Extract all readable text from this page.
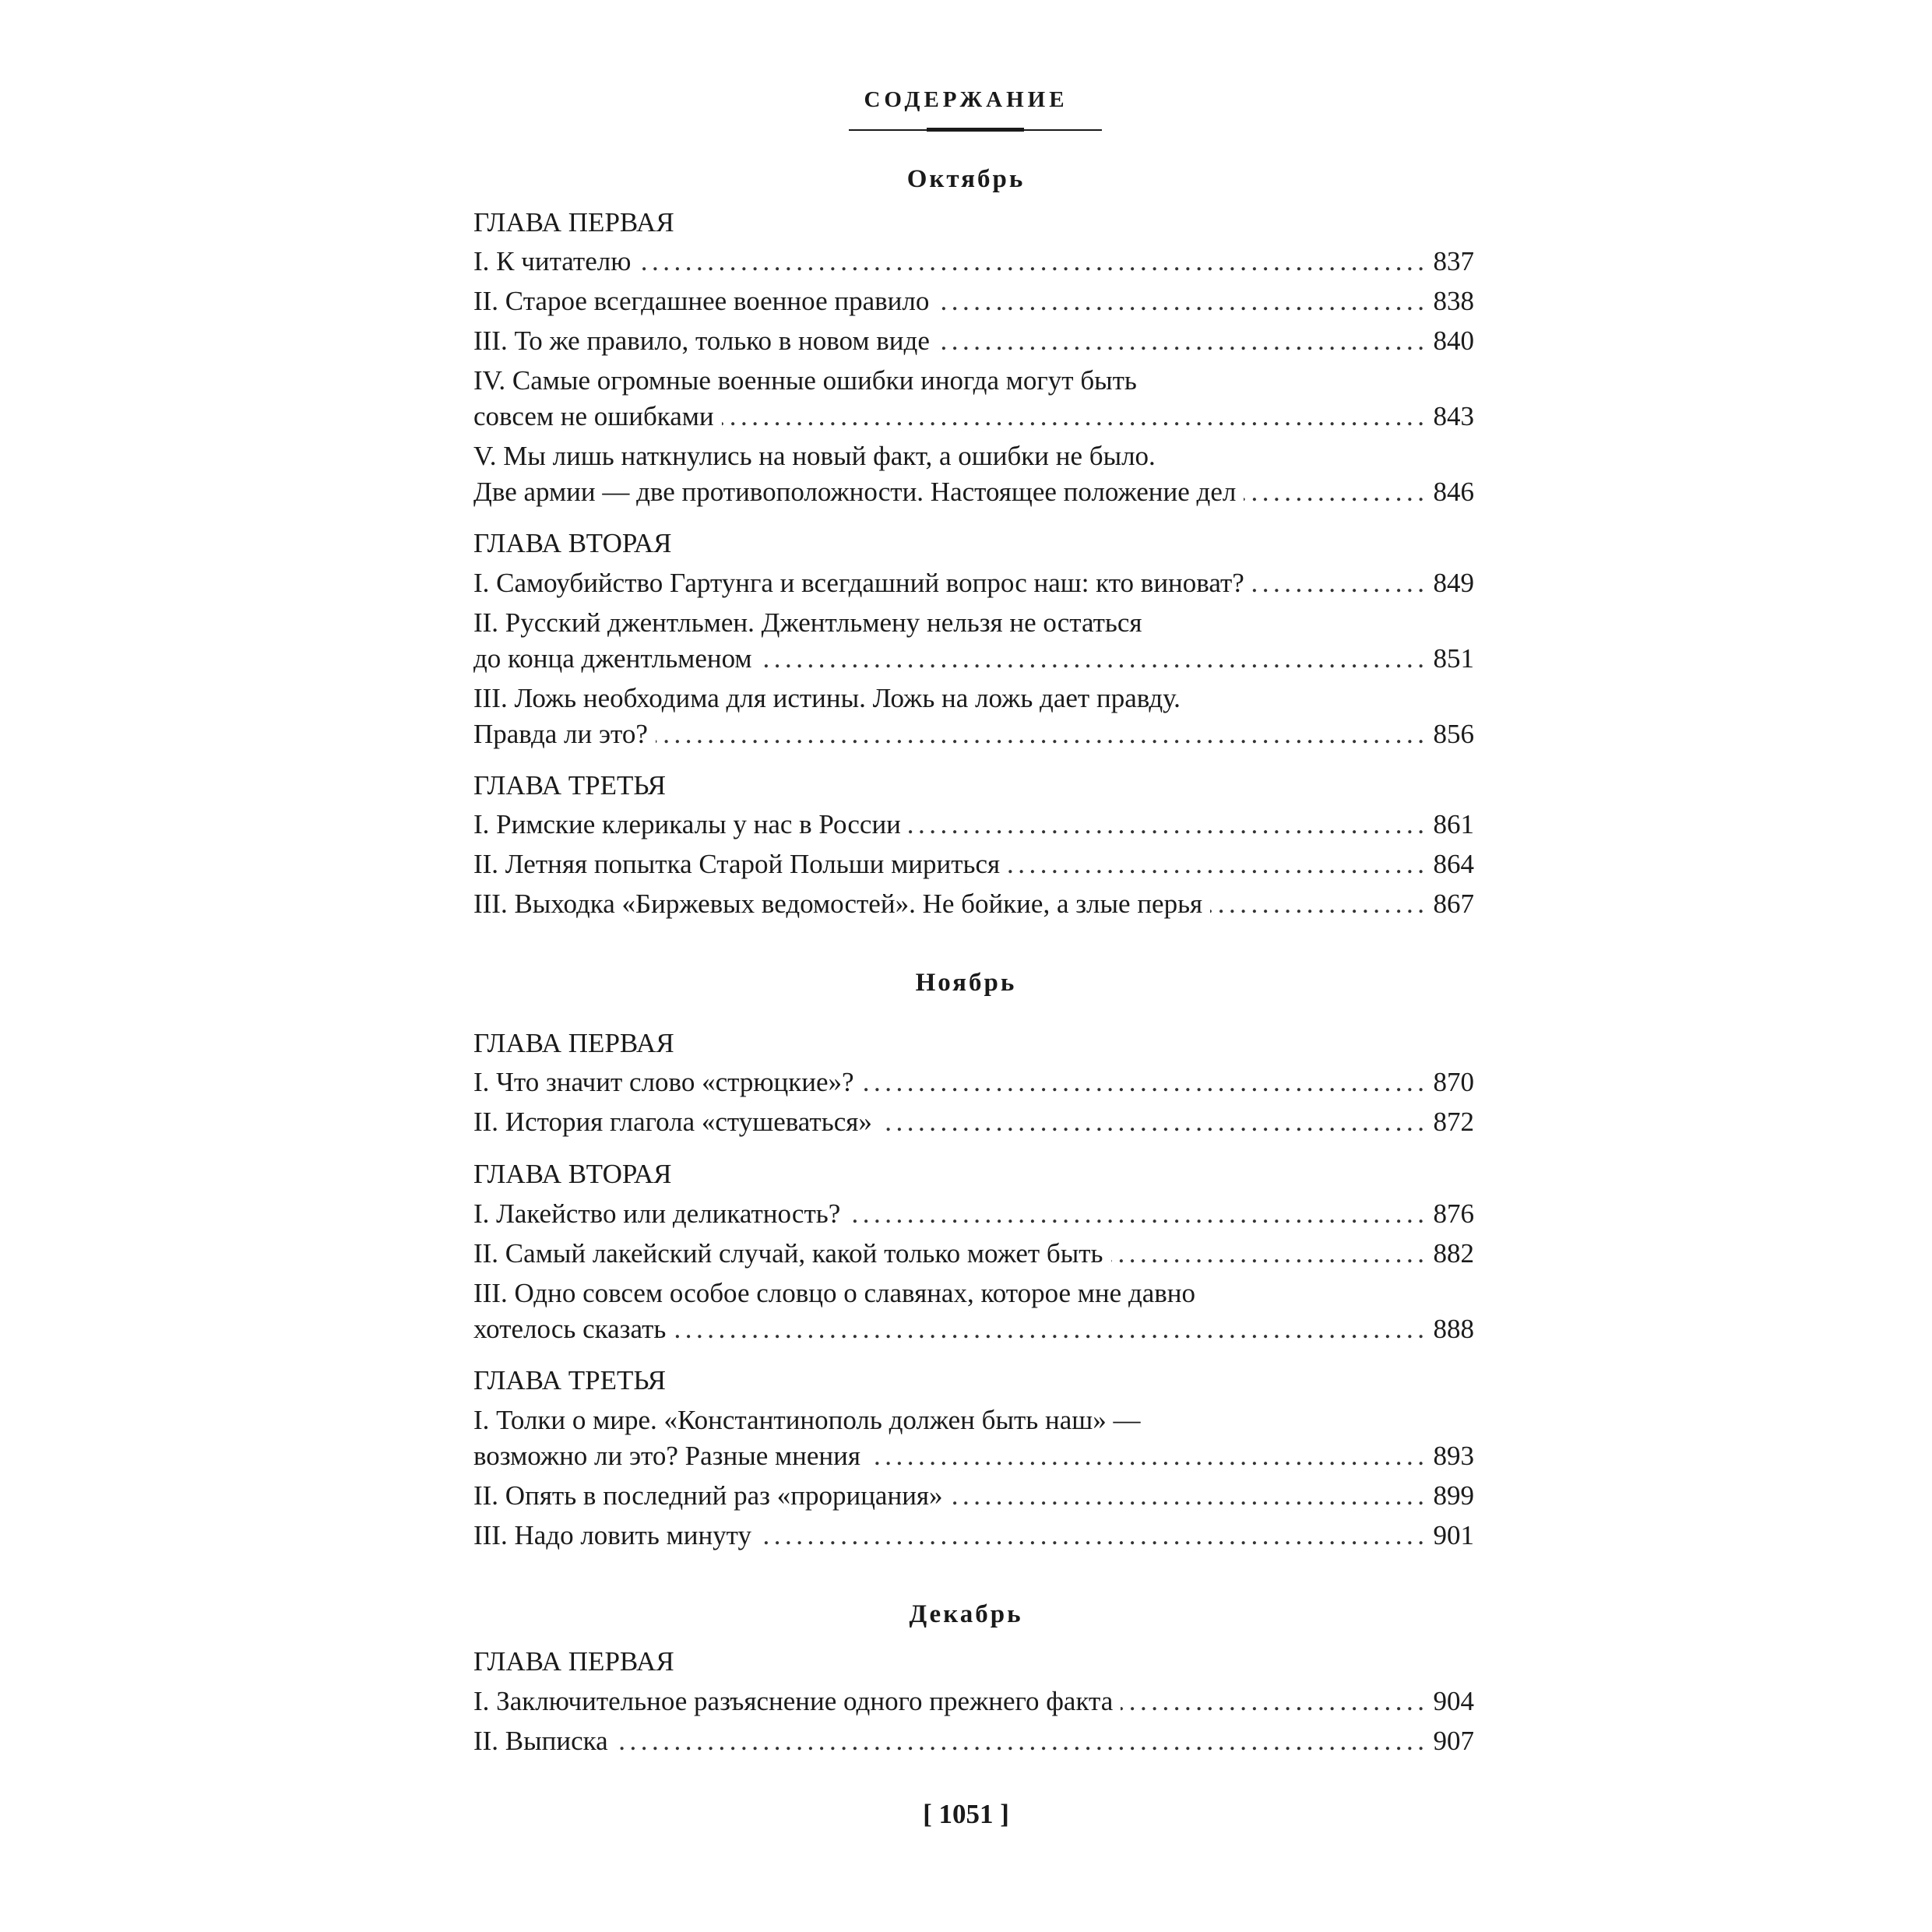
СОДЕРЖАНИЕ
Октябрь
ГЛАВА ПЕРВАЯ
I. К читателю .....	837
II. Старое всегдашнее военное правило .....	838
III. То же правило, только в новом виде .....	840
IV. Самые огромные военные ошибки иногда могут быть
совсем не ошибками .....	843
V. Мы лишь наткнулись на новый факт, а ошибки не было.
Две армии — две противоположности. Настоящее положение дел .....	846
ГЛАВА ВТОРАЯ
I. Самоубийство Гартунга и всегдашний вопрос наш: кто виноват? .....	849
II. Русский джентльмен. Джентльмену нельзя не остаться
до конца джентльменом .....	851
III. Ложь необходима для истины. Ложь на ложь дает правду.
Правда ли это? .....	856
ГЛАВА ТРЕТЬЯ
I. Римские клерикалы у нас в России .....	861
II. Летняя попытка Старой Польши мириться .....	864
III. Выходка «Биржевых ведомостей». Не бойкие, а злые перья .....	867
Ноябрь
ГЛАВА ПЕРВАЯ
I. Что значит слово «стрюцкие»? .....	870
II. История глагола «стушеваться» .....	872
ГЛАВА ВТОРАЯ
I. Лакейство или деликатность? .....	876
II. Самый лакейский случай, какой только может быть .....	882
III. Одно совсем особое словцо о славянах, которое мне давно
хотелось сказать .....	888
ГЛАВА ТРЕТЬЯ
I. Толки о мире. «Константинополь должен быть наш» —
возможно ли это? Разные мнения .....	893
II. Опять в последний раз «прорицания» .....	899
III. Надо ловить минуту .....	901
Декабрь
ГЛАВА ПЕРВАЯ
I. Заключительное разъяснение одного прежнего факта .....	904
II. Выписка .....	907
[ 1051 ]
